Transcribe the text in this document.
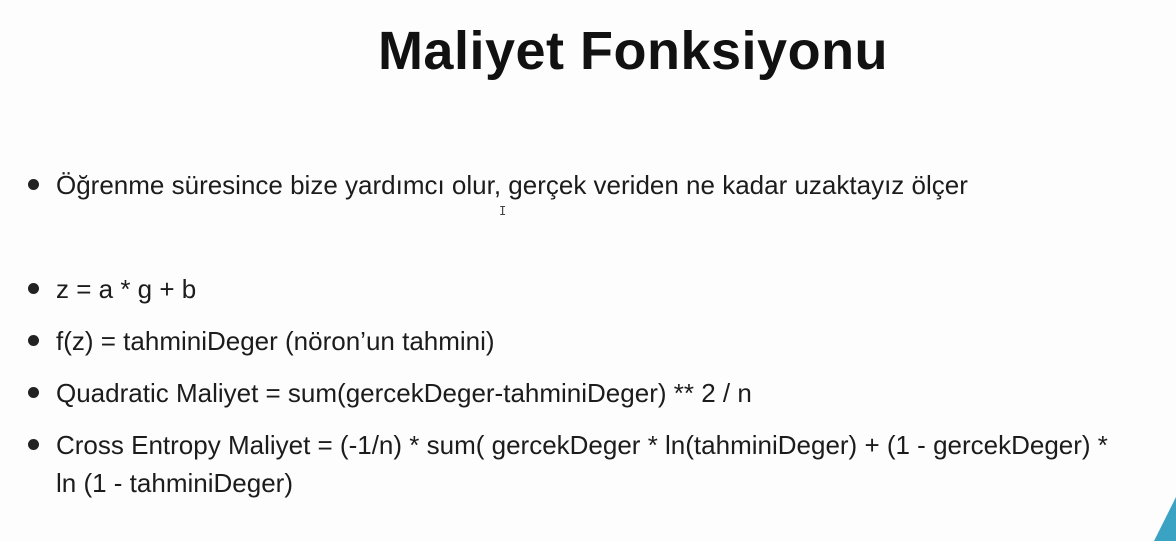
Maliyet Fonksiyonu
Öğrenme süresince bize yardımcı olur, gerçek veriden ne kadar uzaktayız ölçer
z = a * g + b
f(z) = tahminiDeger (nöron’un tahmini)
Quadratic Maliyet = sum(gercekDeger-tahminiDeger) ** 2 / n
Cross Entropy Maliyet = (-1/n) * sum( gercekDeger * ln(tahminiDeger) + (1 - gercekDeger) * ln (1 - tahminiDeger)
I
